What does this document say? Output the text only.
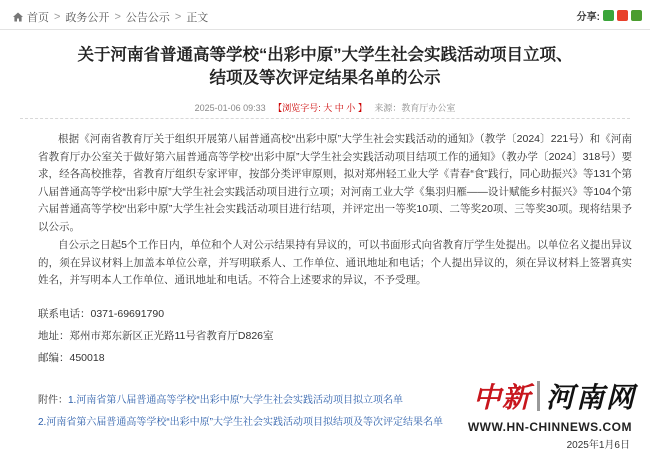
首页 > 政务公开 > 公告公示 > 正文	分享:
关于河南省普通高等学校“出彩中原”大学生社会实践活动项目立项、
结项及等次评定结果名单的公示
2025-01-06 09:33 【浏览字号: 大 中 小 】 来源：教育厅办公室

根据《河南省教育厅关于组织开展第八届普通高校“出彩中原”大学生社会实践活动的通知》（教学〔2024〕221号）和《河南省教育厅办公室关于做好第六届普通高等学校“出彩中原”大学生社会实践活动项目结项工作的通知》（教办学〔2024〕318号）要求，经各高校推荐，省教育厅组织专家评审，按部分类评审原则，拟对郑州轻工业大学《青春“食”践行，同心助振兴》等131个第八届普通高等学校“出彩中原”大学生社会实践活动项目进行立项；对河南工业大学《集羽归雁——设计赋能乡村振兴》等104个第六届普通高等学校“出彩中原”大学生社会实践活动项目进行结项，并评定出一等奖10项、二等奖20项、三等奖30项。现将结果予以公示。

自公示之日起5个工作日内，单位和个人对公示结果持有异议的，可以书面形式向省教育厅学生处提出。以单位名义提出异议的，须在异议材料上加盖本单位公章，并写明联系人、工作单位、通讯地址和电话；个人提出异议的，须在异议材料上签署真实姓名，并写明本人工作单位、通讯地址和电话。不符合上述要求的异议，不予受理。

联系电话：0371-69691790
地址：郑州市郑东新区正光路11号省教育厅D826室
邮编：450018
附件：1.河南省第八届普通高等学校“出彩中原”大学生社会实践活动项目拟立项名单
2.河南省第六届普通高等学校“出彩中原”大学生社会实践活动项目拟结项及等次评定结果名单
中新 河南网
WWW.HN-CHINNEWS.COM
2025年1月6日
